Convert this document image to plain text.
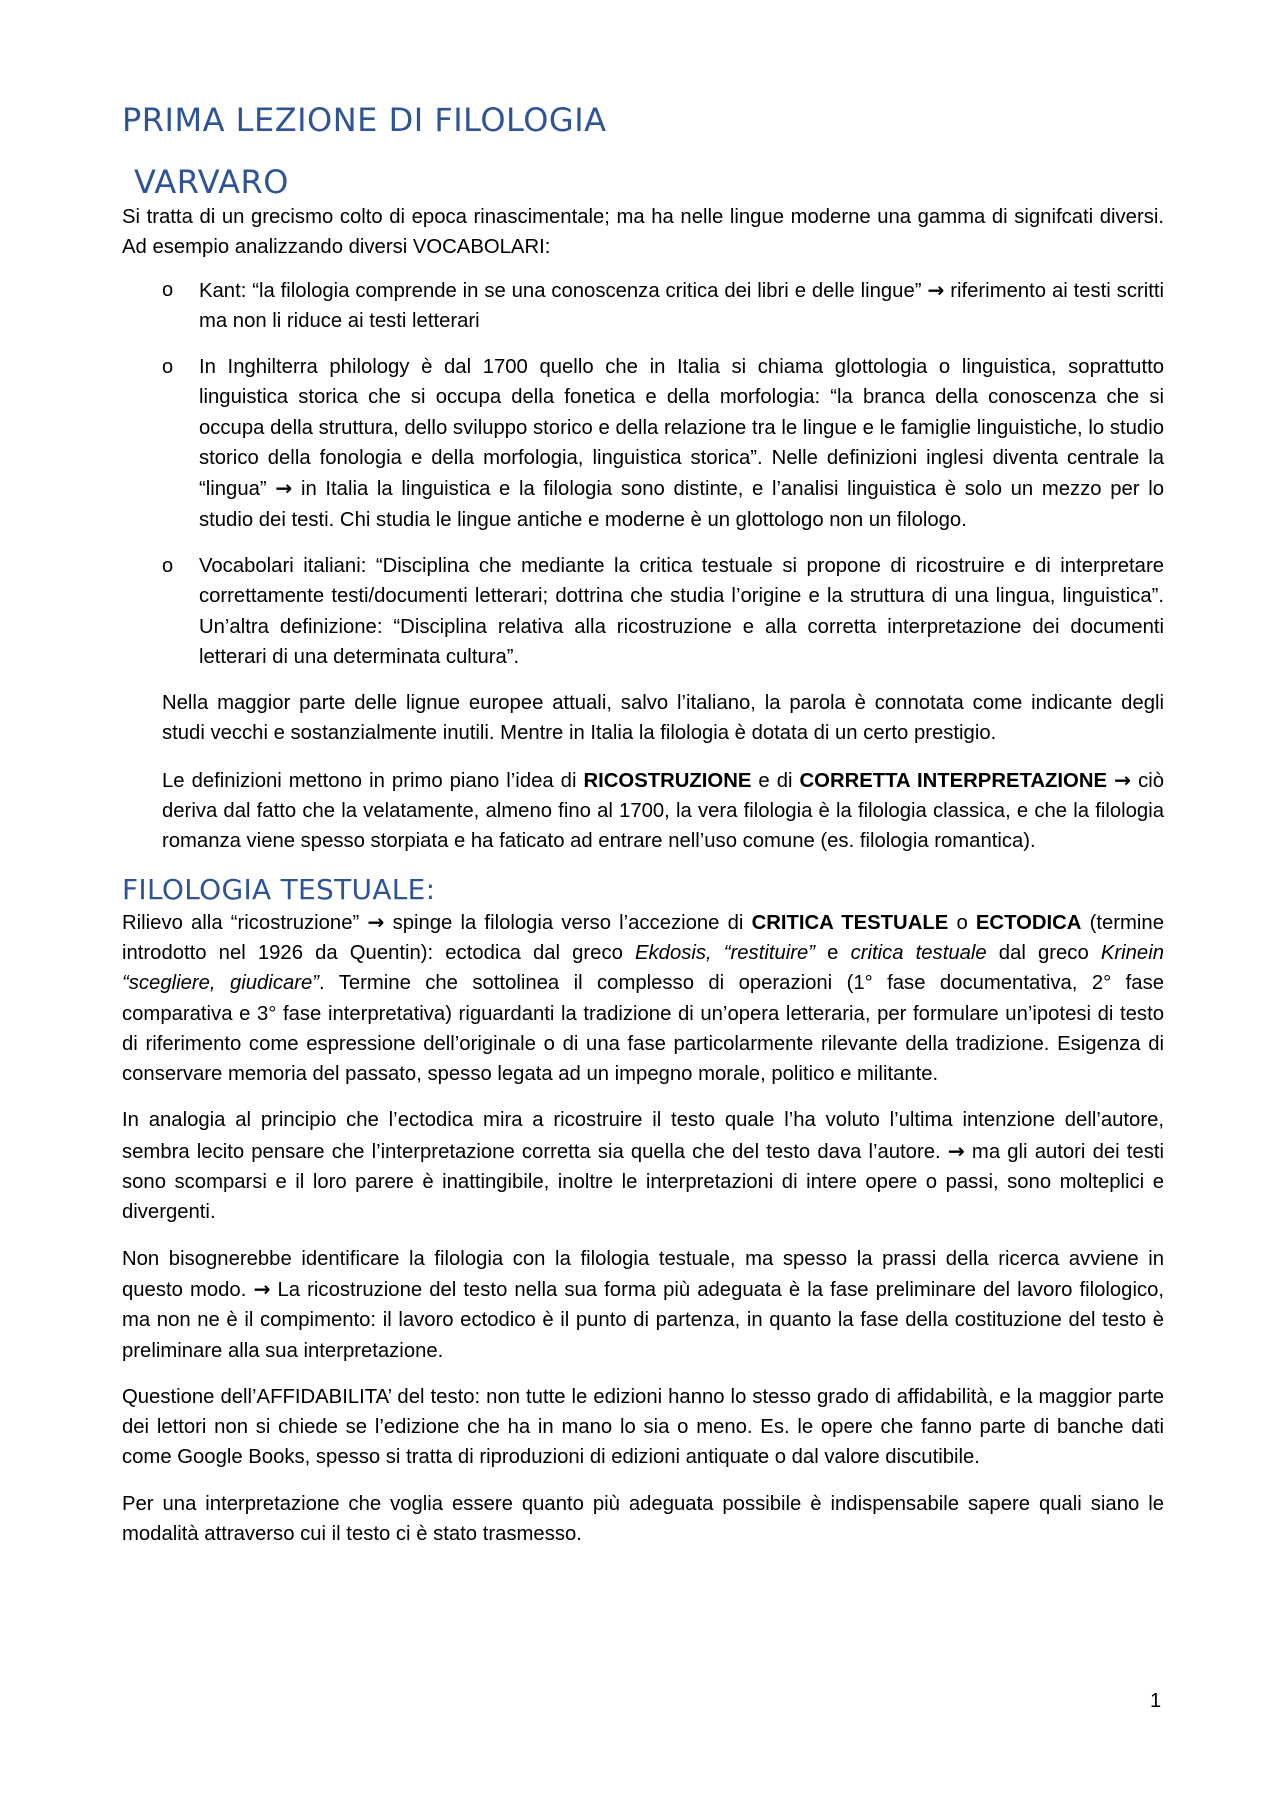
PRIMA LEZIONE DI FILOLOGIA
VARVARO

Si tratta di un grecismo colto di epoca rinascimentale; ma ha nelle lingue moderne una gamma di signifcati diversi. Ad esempio analizzando diversi VOCABOLARI:

o Kant: “la filologia comprende in se una conoscenza critica dei libri e delle lingue” → riferimento ai testi scritti ma non li riduce ai testi letterari
o In Inghilterra philology è dal 1700 quello che in Italia si chiama glottologia o linguistica, soprattutto linguistica storica che si occupa della fonetica e della morfologia: “la branca della conoscenza che si occupa della struttura, dello sviluppo storico e della relazione tra le lingue e le famiglie linguistiche, lo studio storico della fonologia e della morfologia, linguistica storica”. Nelle definizioni inglesi diventa centrale la “lingua” → in Italia la linguistica e la filologia sono distinte, e l’analisi linguistica è solo un mezzo per lo studio dei testi. Chi studia le lingue antiche e moderne è un glottologo non un filologo.
o Vocabolari italiani: “Disciplina che mediante la critica testuale si propone di ricostruire e di interpretare correttamente testi/documenti letterari; dottrina che studia l’origine e la struttura di una lingua, linguistica”. Un’altra definizione: “Disciplina relativa alla ricostruzione e alla corretta interpretazione dei documenti letterari di una determinata cultura”.

Nella maggior parte delle lignue europee attuali, salvo l’italiano, la parola è connotata come indicante degli studi vecchi e sostanzialmente inutili. Mentre in Italia la filologia è dotata di un certo prestigio.

Le definizioni mettono in primo piano l’idea di RICOSTRUZIONE e di CORRETTA INTERPRETAZIONE → ciò deriva dal fatto che la velatamente, almeno fino al 1700, la vera filologia è la filologia classica, e che la filologia romanza viene spesso storpiata e ha faticato ad entrare nell’uso comune (es. filologia romantica).

FILOLOGIA TESTUALE:

Rilievo alla “ricostruzione” → spinge la filologia verso l’accezione di CRITICA TESTUALE o ECTODICA (termine introdotto nel 1926 da Quentin): ectodica dal greco Ekdosis, “restituire” e critica testuale dal greco Krinein “scegliere, giudicare”. Termine che sottolinea il complesso di operazioni (1° fase documentativa, 2° fase comparativa e 3° fase interpretativa) riguardanti la tradizione di un’opera letteraria, per formulare un’ipotesi di testo di riferimento come espressione dell’originale o di una fase particolarmente rilevante della tradizione. Esigenza di conservare memoria del passato, spesso legata ad un impegno morale, politico e militante.

In analogia al principio che l’ectodica mira a ricostruire il testo quale l’ha voluto l’ultima intenzione dell’autore, sembra lecito pensare che l’interpretazione corretta sia quella che del testo dava l’autore. → ma gli autori dei testi sono scomparsi e il loro parere è inattingibile, inoltre le interpretazioni di intere opere o passi, sono molteplici e divergenti.

Non bisognerebbe identificare la filologia con la filologia testuale, ma spesso la prassi della ricerca avviene in questo modo. → La ricostruzione del testo nella sua forma più adeguata è la fase preliminare del lavoro filologico, ma non ne è il compimento: il lavoro ectodico è il punto di partenza, in quanto la fase della costituzione del testo è preliminare alla sua interpretazione.

Questione dell’AFFIDABILITA’ del testo: non tutte le edizioni hanno lo stesso grado di affidabilità, e la maggior parte dei lettori non si chiede se l’edizione che ha in mano lo sia o meno. Es. le opere che fanno parte di banche dati come Google Books, spesso si tratta di riproduzioni di edizioni antiquate o dal valore discutibile.

Per una interpretazione che voglia essere quanto più adeguata possibile è indispensabile sapere quali siano le modalità attraverso cui il testo ci è stato trasmesso.

1
